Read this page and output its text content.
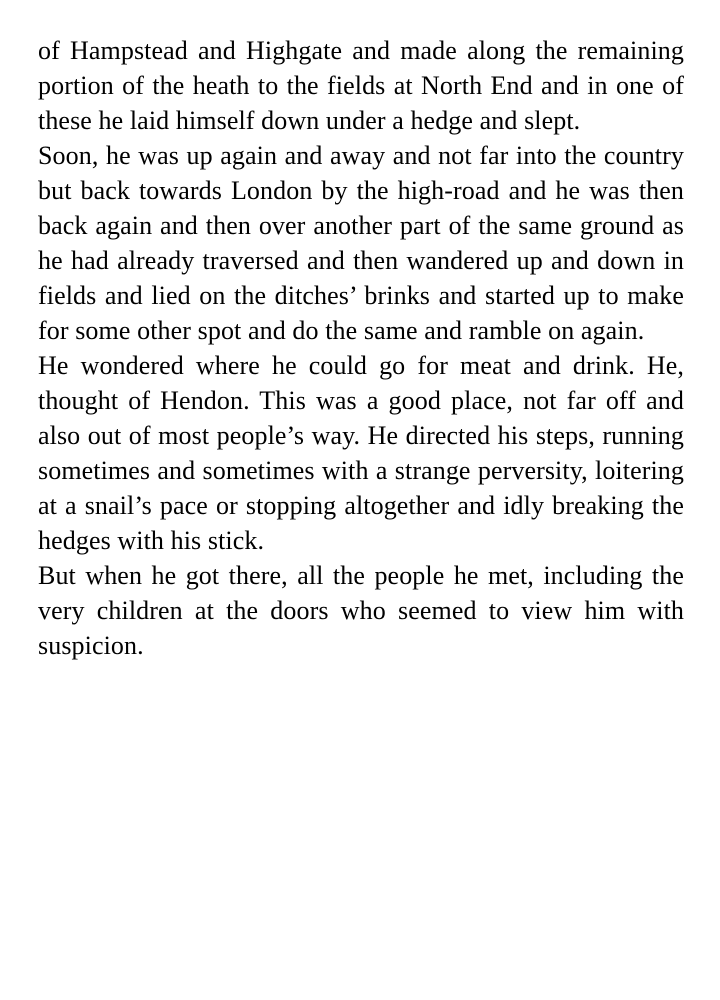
of Hampstead and Highgate and made along the remaining
portion of the heath to the fields at North End and in one of
these he laid himself down under a hedge and slept.
Soon, he was up again and away and not far into the country
but back towards London by the high-road and he was then
back again and then over another part of the same ground as
he had already traversed and then wandered up and down in
fields and lied on the ditches’ brinks and started up to make
for some other spot and do the same and ramble on again.
He wondered where he could go for meat and drink. He,
thought of Hendon. This was a good place, not far off and
also out of most people’s way. He directed his steps, running
sometimes and sometimes with a strange perversity, loitering
at a snail’s pace or stopping altogether and idly breaking the
hedges with his stick.
But when he got there, all the people he met, including the
very children at the doors who seemed to view him with
suspicion.
